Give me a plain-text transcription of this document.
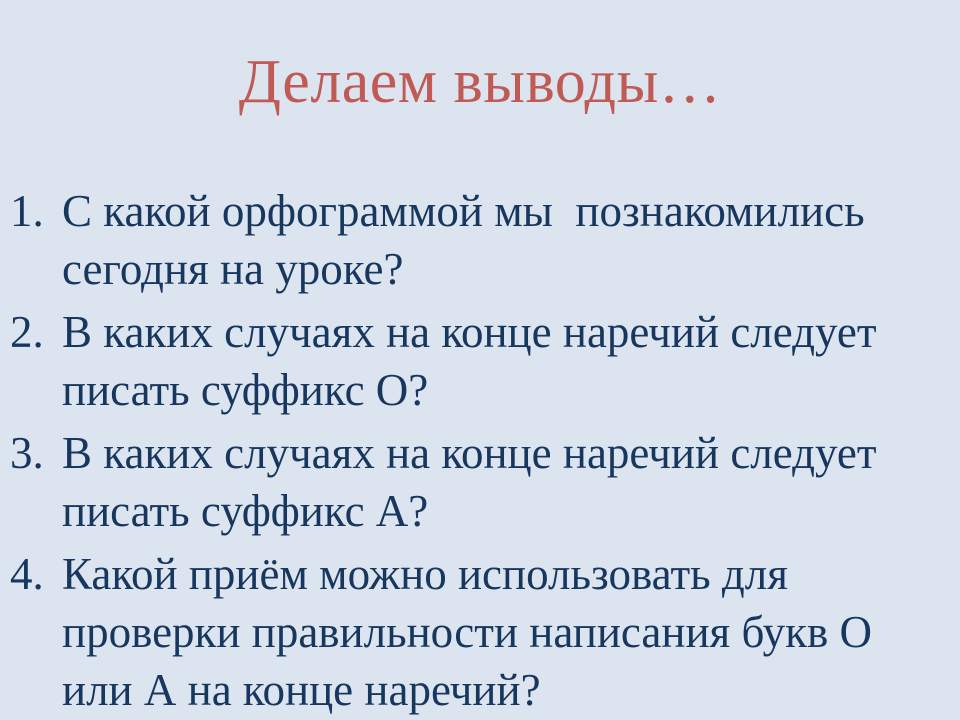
Делаем выводы…
1. С какой орфограммой мы  познакомились сегодня на уроке?
2. В каких случаях на конце наречий следует писать суффикс О?
3. В каких случаях на конце наречий следует писать суффикс А?
4. Какой приём можно использовать для проверки правильности написания букв О или А на конце наречий?
